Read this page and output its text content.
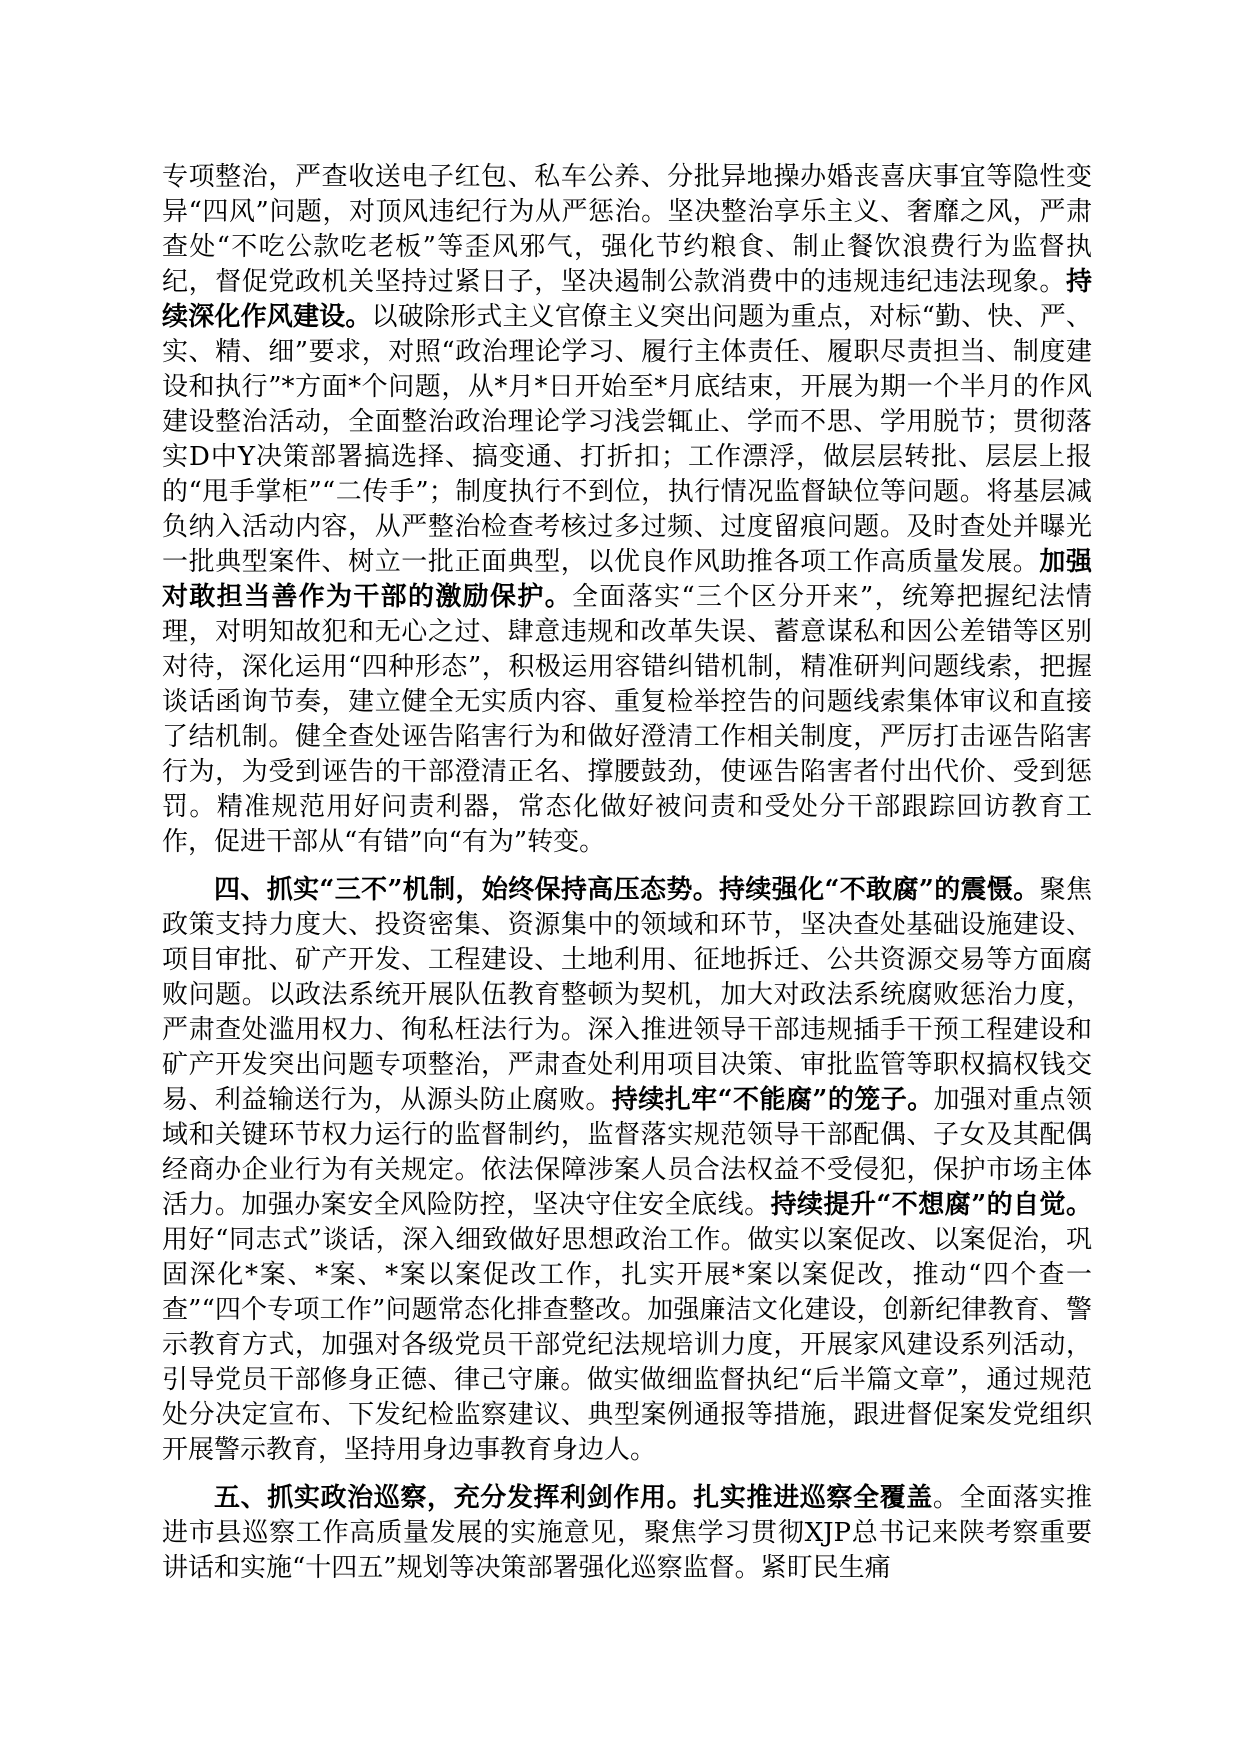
专项整治，严查收送电子红包、私车公养、分批异地操办婚丧喜庆事宜等隐性变异“四风”问题，对顶风违纪行为从严惩治。坚决整治享乐主义、奢靡之风，严肃查处“不吃公款吃老板”等歪风邪气，强化节约粮食、制止餐饮浪费行为监督执纪，督促党政机关坚持过紧日子，坚决遏制公款消费中的违规违纪违法现象。持续深化作风建设。以破除形式主义官僚主义突出问题为重点，对标“勤、快、严、实、精、细”要求，对照“政治理论学习、履行主体责任、履职尽责担当、制度建设和执行”*方面*个问题，从*月*日开始至*月底结束，开展为期一个半月的作风建设整治活动，全面整治政治理论学习浅尝辄止、学而不思、学用脱节；贯彻落实D中Y决策部署搞选择、搞变通、打折扣；工作漂浮，做层层转批、层层上报的“甩手掌柜”“二传手”；制度执行不到位，执行情况监督缺位等问题。将基层减负纳入活动内容，从严整治检查考核过多过频、过度留痕问题。及时查处并曝光一批典型案件、树立一批正面典型，以优良作风助推各项工作高质量发展。加强对敢担当善作为干部的激励保护。全面落实“三个区分开来”，统筹把握纪法情理，对明知故犯和无心之过、肆意违规和改革失误、蓄意谋私和因公差错等区别对待，深化运用“四种形态”，积极运用容错纠错机制，精准研判问题线索，把握谈话函询节奏，建立健全无实质内容、重复检举控告的问题线索集体审议和直接了结机制。健全查处诬告陷害行为和做好澄清工作相关制度，严厉打击诬告陷害行为，为受到诬告的干部澄清正名、撑腰鼓劲，使诬告陷害者付出代价、受到惩罚。精准规范用好问责利器，常态化做好被问责和受处分干部跟踪回访教育工作，促进干部从“有错”向“有为”转变。

四、抓实“三不”机制，始终保持高压态势。持续强化“不敢腐”的震慑。聚焦政策支持力度大、投资密集、资源集中的领域和环节，坚决查处基础设施建设、项目审批、矿产开发、工程建设、土地利用、征地拆迁、公共资源交易等方面腐败问题。以政法系统开展队伍教育整顿为契机，加大对政法系统腐败惩治力度，严肃查处滥用权力、徇私枉法行为。深入推进领导干部违规插手干预工程建设和矿产开发突出问题专项整治，严肃查处利用项目决策、审批监管等职权搞权钱交易、利益输送行为，从源头防止腐败。持续扎牢“不能腐”的笼子。加强对重点领域和关键环节权力运行的监督制约，监督落实规范领导干部配偶、子女及其配偶经商办企业行为有关规定。依法保障涉案人员合法权益不受侵犯，保护市场主体活力。加强办案安全风险防控，坚决守住安全底线。持续提升“不想腐”的自觉。用好“同志式”谈话，深入细致做好思想政治工作。做实以案促改、以案促治，巩固深化*案、*案、*案以案促改工作，扎实开展*案以案促改，推动“四个查一查”“四个专项工作”问题常态化排查整改。加强廉洁文化建设，创新纪律教育、警示教育方式，加强对各级党员干部党纪法规培训力度，开展家风建设系列活动，引导党员干部修身正德、律己守廉。做实做细监督执纪“后半篇文章”，通过规范处分决定宣布、下发纪检监察建议、典型案例通报等措施，跟进督促案发党组织开展警示教育，坚持用身边事教育身边人。

五、抓实政治巡察，充分发挥利剑作用。扎实推进巡察全覆盖。全面落实推进市县巡察工作高质量发展的实施意见，聚焦学习贯彻XJP总书记来陕考察重要讲话和实施“十四五”规划等决策部署强化巡察监督。紧盯民生痛
